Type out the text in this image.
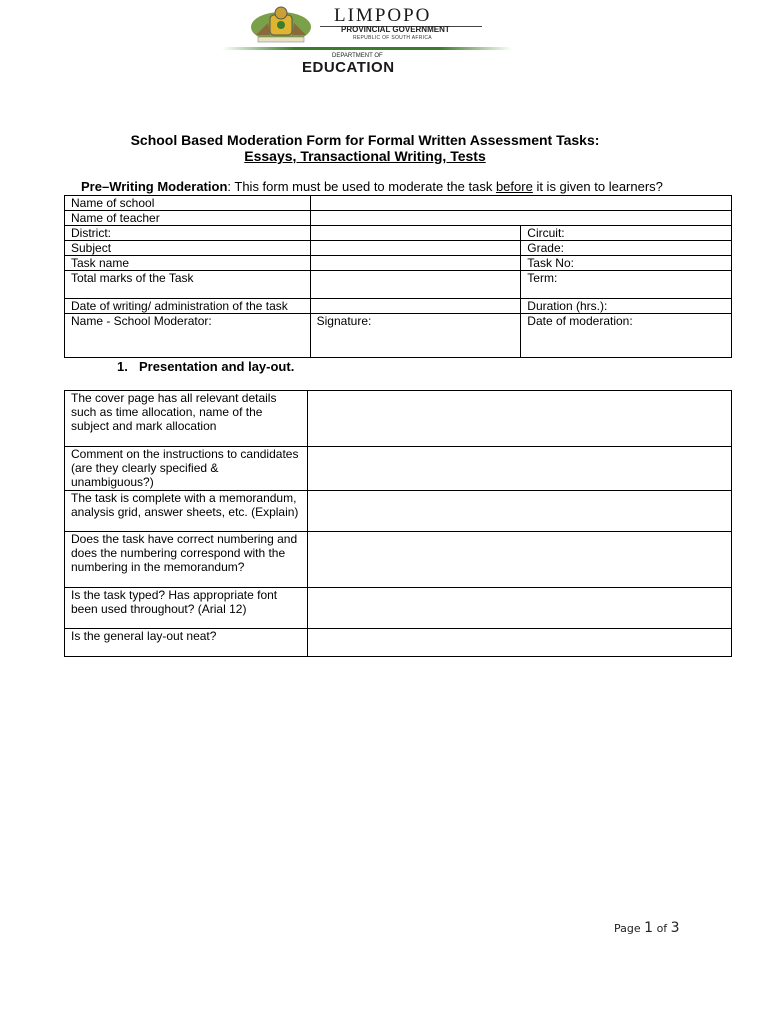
LIMPOPO
PROVINCIAL GOVERNMENT
REPUBLIC OF SOUTH AFRICA
DEPARTMENT OF
EDUCATION
School Based Moderation Form for Formal Written Assessment Tasks:
Essays, Transactional Writing, Tests
Pre–Writing Moderation: This form must be used to moderate the task before it is given to learners?
Name of school		
Name of teacher		
District:		Circuit:
Subject		Grade:
Task name		Task No:
Total marks of the Task		Term:
Date of writing/ administration of the task		Duration (hrs.):
Name - School Moderator:	Signature:	Date of moderation:
1. Presentation and lay-out.
The cover page has all relevant details such as time allocation, name of the subject and mark allocation	
Comment on the instructions to candidates (are they clearly specified & unambiguous?)	
The task is complete with a memorandum, analysis grid, answer sheets, etc. (Explain)	
Does the task have correct numbering and does the numbering correspond with the numbering in the memorandum?	
Is the task typed? Has appropriate font been used throughout? (Arial 12)	
Is the general lay-out neat?	
Page 1 of 3
